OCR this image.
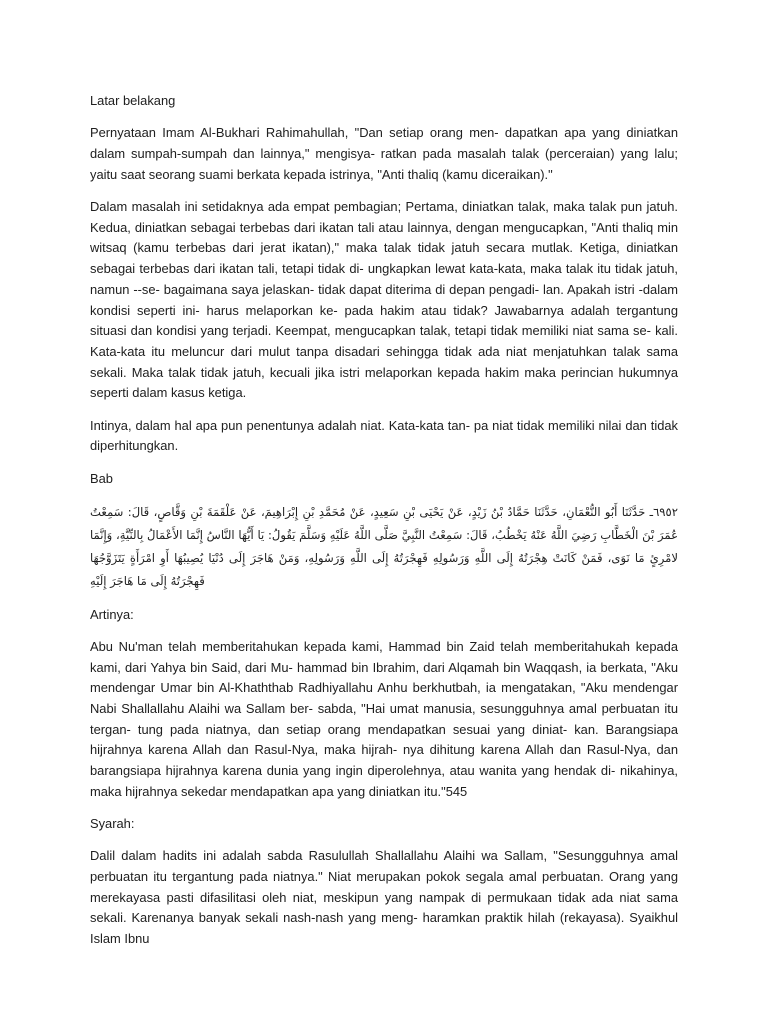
Latar belakang

Pernyataan Imam Al-Bukhari Rahimahullah, "Dan setiap orang men- dapatkan apa yang diniatkan dalam sumpah-sumpah dan lainnya," mengisya- ratkan pada masalah talak (perceraian) yang lalu; yaitu saat seorang suami berkata kepada istrinya, "Anti thaliq (kamu diceraikan)."

Dalam masalah ini setidaknya ada empat pembagian; Pertama, diniatkan talak, maka talak pun jatuh. Kedua, diniatkan sebagai terbebas dari ikatan tali atau lainnya, dengan mengucapkan, "Anti thaliq min witsaq (kamu terbebas dari jerat ikatan)," maka talak tidak jatuh secara mutlak. Ketiga, diniatkan sebagai terbebas dari ikatan tali, tetapi tidak di- ungkapkan lewat kata-kata, maka talak itu tidak jatuh, namun --se- bagaimana saya jelaskan- tidak dapat diterima di depan pengadi- lan. Apakah istri -dalam kondisi seperti ini- harus melaporkan ke- pada hakim atau tidak? Jawabarnya adalah tergantung situasi dan kondisi yang terjadi. Keempat, mengucapkan talak, tetapi tidak memiliki niat sama se- kali. Kata-kata itu meluncur dari mulut tanpa disadari sehingga tidak ada niat menjatuhkan talak sama sekali. Maka talak tidak jatuh, kecuali jika istri melaporkan kepada hakim maka perincian hukumnya seperti dalam kasus ketiga.

Intinya, dalam hal apa pun penentunya adalah niat. Kata-kata tan- pa niat tidak memiliki nilai dan tidak diperhitungkan.

Bab

٦٩٥٢ـ حَدَّثَنَا أَبُو النُّعْمَانِ، حَدَّثَنَا حَمَّادُ بْنُ زَيْدٍ، عَنْ يَحْيَى بْنِ سَعِيدٍ، عَنْ مُحَمَّدِ بْنِ إِبْرَاهِيمَ، عَنْ عَلْقَمَةَ بْنِ وَقَّاصٍ، قَالَ: سَمِعْتُ عُمَرَ بْنَ الْخَطَّابِ رَضِيَ اللَّهُ عَنْهُ يَخْطُبُ، قَالَ: سَمِعْتُ النَّبِيَّ صَلَّى اللَّهُ عَلَيْهِ وَسَلَّمَ يَقُولُ: يَا أَيُّهَا النَّاسُ إِنَّمَا الأَعْمَالُ بِالنِّيَّةِ، وَإِنَّمَا لامْرِئٍ مَا نَوَى، فَمَنْ كَانَتْ هِجْرَتُهُ إِلَى اللَّهِ وَرَسُولِهِ فَهِجْرَتُهُ إِلَى اللَّهِ وَرَسُولِهِ، وَمَنْ هَاجَرَ إِلَى دُنْيَا يُصِيبُهَا أَوِ امْرَأَةٍ يَتَزَوَّجُهَا فَهِجْرَتُهُ إِلَى مَا هَاجَرَ إِلَيْهِ

Artinya:

Abu Nu'man telah memberitahukan kepada kami, Hammad bin Zaid telah memberitahukah kepada kami, dari Yahya bin Said, dari Mu- hammad bin Ibrahim, dari Alqamah bin Waqqash, ia berkata, "Aku mendengar Umar bin Al-Khaththab Radhiyallahu Anhu berkhutbah, ia mengatakan, "Aku mendengar Nabi Shallallahu Alaihi wa Sallam ber- sabda, "Hai umat manusia, sesungguhnya amal perbuatan itu tergan- tung pada niatnya, dan setiap orang mendapatkan sesuai yang diniat- kan. Barangsiapa hijrahnya karena Allah dan Rasul-Nya, maka hijrah- nya dihitung karena Allah dan Rasul-Nya, dan barangsiapa hijrahnya karena dunia yang ingin diperolehnya, atau wanita yang hendak di- nikahinya, maka hijrahnya sekedar mendapatkan apa yang diniatkan itu."545

Syarah:

Dalil dalam hadits ini adalah sabda Rasulullah Shallallahu Alaihi wa Sallam, "Sesungguhnya amal perbuatan itu tergantung pada niatnya." Niat merupakan pokok segala amal perbuatan. Orang yang merekayasa pasti difasilitasi oleh niat, meskipun yang nampak di permukaan tidak ada niat sama sekali. Karenanya banyak sekali nash-nash yang meng- haramkan praktik hilah (rekayasa). Syaikhul Islam Ibnu
